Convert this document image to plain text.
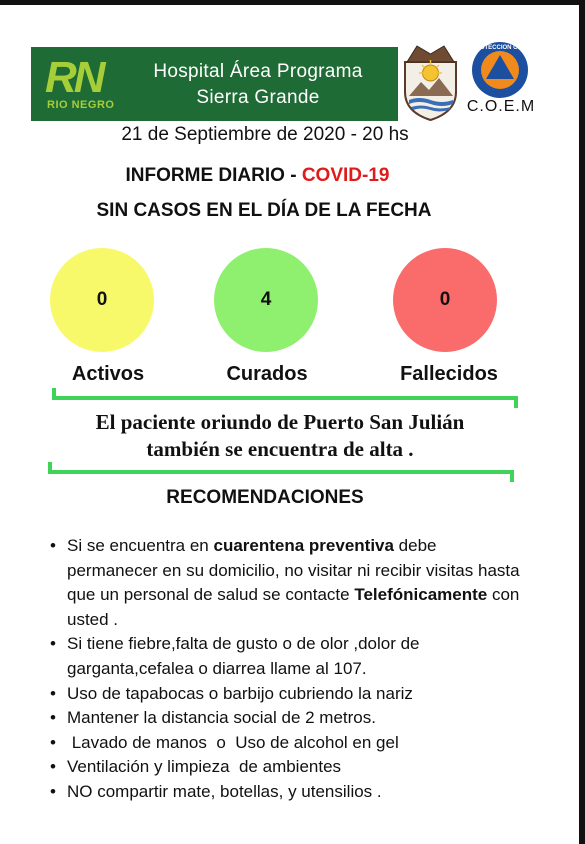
RN
RIO NEGRO
Hospital Área Programa
Sierra Grande
PROTECCION CIVIL
C.O.E.M
21 de Septiembre de 2020 - 20 hs
INFORME DIARIO - COVID-19
SIN CASOS EN EL DÍA DE LA FECHA
0	4	0
Activos	Curados	Fallecidos
El paciente oriundo de Puerto San Julián
también se encuentra de alta .
RECOMENDACIONES
• Si se encuentra en cuarentena preventiva debe permanecer en su domicilio, no visitar ni recibir visitas hasta que un personal de salud se contacte Telefónicamente con usted .
• Si tiene fiebre,falta de gusto o de olor ,dolor de garganta,cefalea o diarrea llame al 107.
• Uso de tapabocas o barbijo cubriendo la nariz
• Mantener la distancia social de 2 metros.
• Lavado de manos  o  Uso de alcohol en gel
• Ventilación y limpieza  de ambientes
• NO compartir mate, botellas, y utensilios .
